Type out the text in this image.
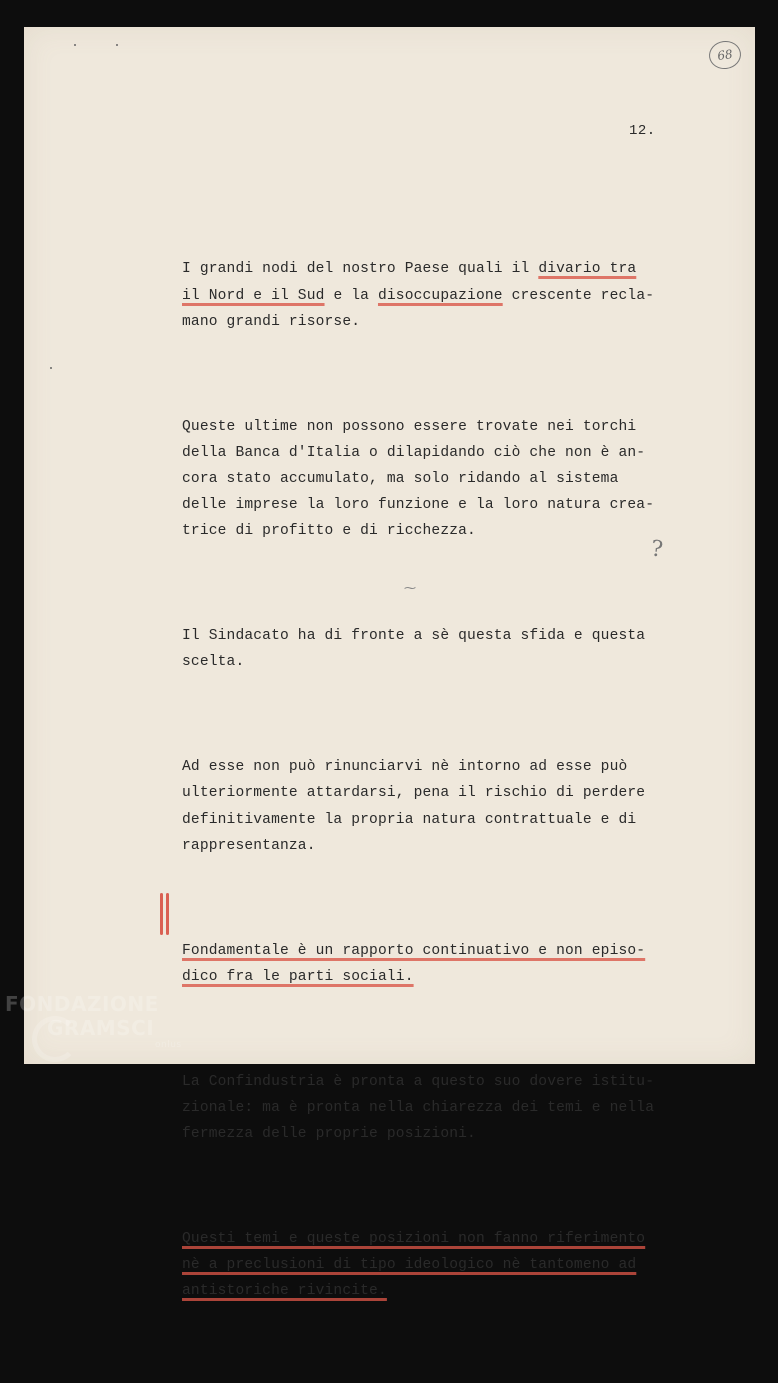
68
12.

I grandi nodi del nostro Paese quali il divario tra
il Nord e il Sud e la disoccupazione crescente recla-
mano grandi risorse.

Queste ultime non possono essere trovate nei torchi
della Banca d'Italia o dilapidando ciò che non è an-
cora stato accumulato, ma solo ridando al sistema
delle imprese la loro funzione e la loro natura crea-
trice di profitto e di ricchezza.

Il Sindacato ha di fronte a sè questa sfida e questa
scelta.

Ad esse non può rinunciarvi nè intorno ad esse può
ulteriormente attardarsi, pena il rischio di perdere
definitivamente la propria natura contrattuale e di
rappresentanza.

Fondamentale è un rapporto continuativo e non episo-
dico fra le parti sociali.

La Confindustria è pronta a questo suo dovere istitu-
zionale: ma è pronta nella chiarezza dei temi e nella
fermezza delle proprie posizioni.

Questi temi e queste posizioni non fanno riferimento
nè a preclusioni di tipo ideologico nè tantomeno ad
antistoriche rivincite.

?
⁓
FONDAZIONE
GRAMSCI
onlus
